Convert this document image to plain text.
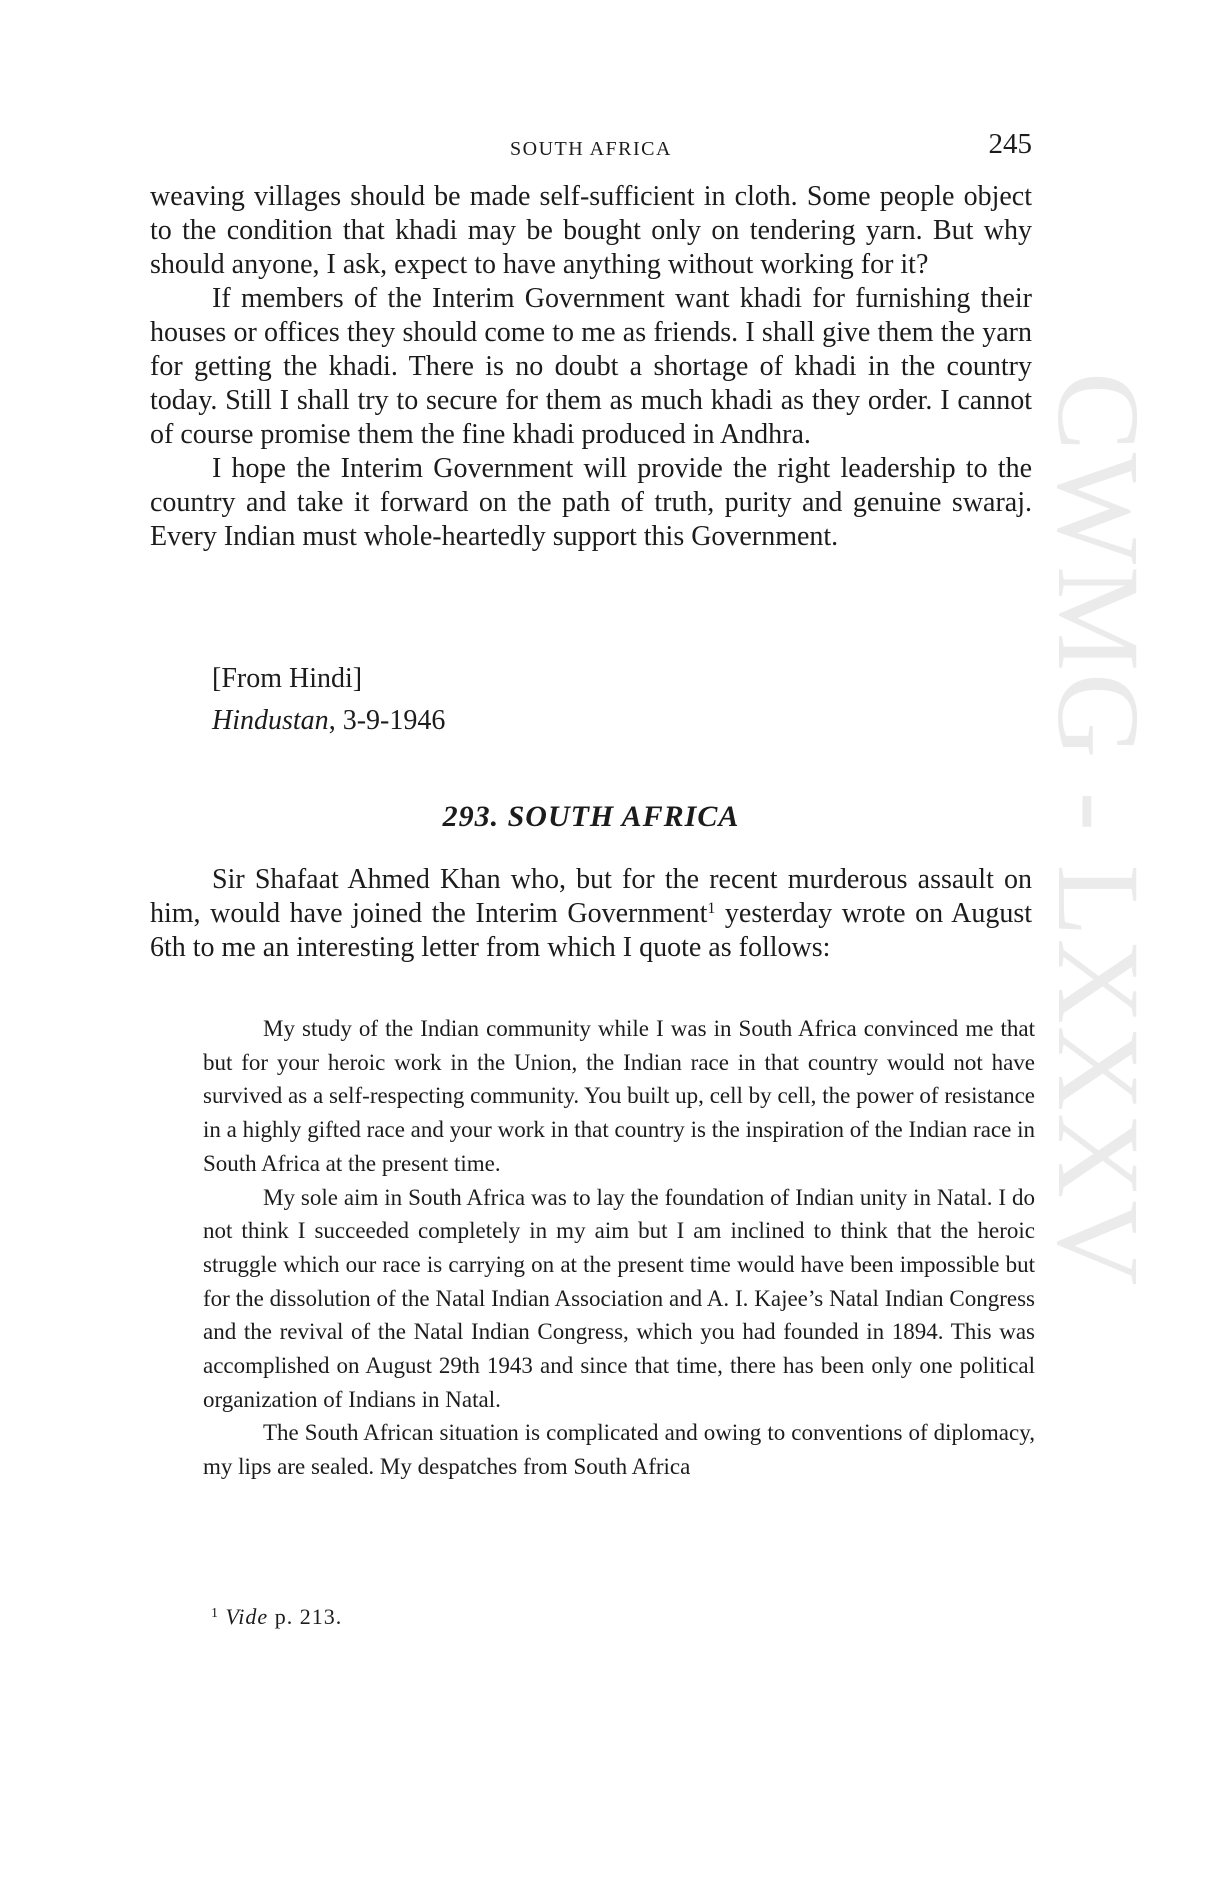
CWMG - LXXXV
SOUTH AFRICA	245

weaving villages should be made self-sufficient in cloth. Some people object to the condition that khadi may be bought only on tendering yarn. But why should anyone, I ask, expect to have anything without working for it?

If members of the Interim Government want khadi for furnishing their houses or offices they should come to me as friends. I shall give them the yarn for getting the khadi. There is no doubt a shortage of khadi in the country today. Still I shall try to secure for them as much khadi as they order. I cannot of course promise them the fine khadi produced in Andhra.

I hope the Interim Government will provide the right leadership to the country and take it forward on the path of truth, purity and genuine swaraj. Every Indian must whole-heartedly support this Government.

[From Hindi]

Hindustan, 3-9-1946

293. SOUTH AFRICA

Sir Shafaat Ahmed Khan who, but for the recent murderous assault on him, would have joined the Interim Government$^1$ yesterday wrote on August 6th to me an interesting letter from which I quote as follows:

My study of the Indian community while I was in South Africa convinced me that but for your heroic work in the Union, the Indian race in that country would not have survived as a self-respecting community. You built up, cell by cell, the power of resistance in a highly gifted race and your work in that country is the inspiration of the Indian race in South Africa at the present time.

My sole aim in South Africa was to lay the foundation of Indian unity in Natal. I do not think I succeeded completely in my aim but I am inclined to think that the heroic struggle which our race is carrying on at the present time would have been impossible but for the dissolution of the Natal Indian Association and A. I. Kajee’s Natal Indian Congress and the revival of the Natal Indian Congress, which you had founded in 1894. This was accomplished on August 29th 1943 and since that time, there has been only one political organization of Indians in Natal.

The South African situation is complicated and owing to conventions of diplomacy, my lips are sealed. My despatches from South Africa

$^1$ Vide p. 213.
